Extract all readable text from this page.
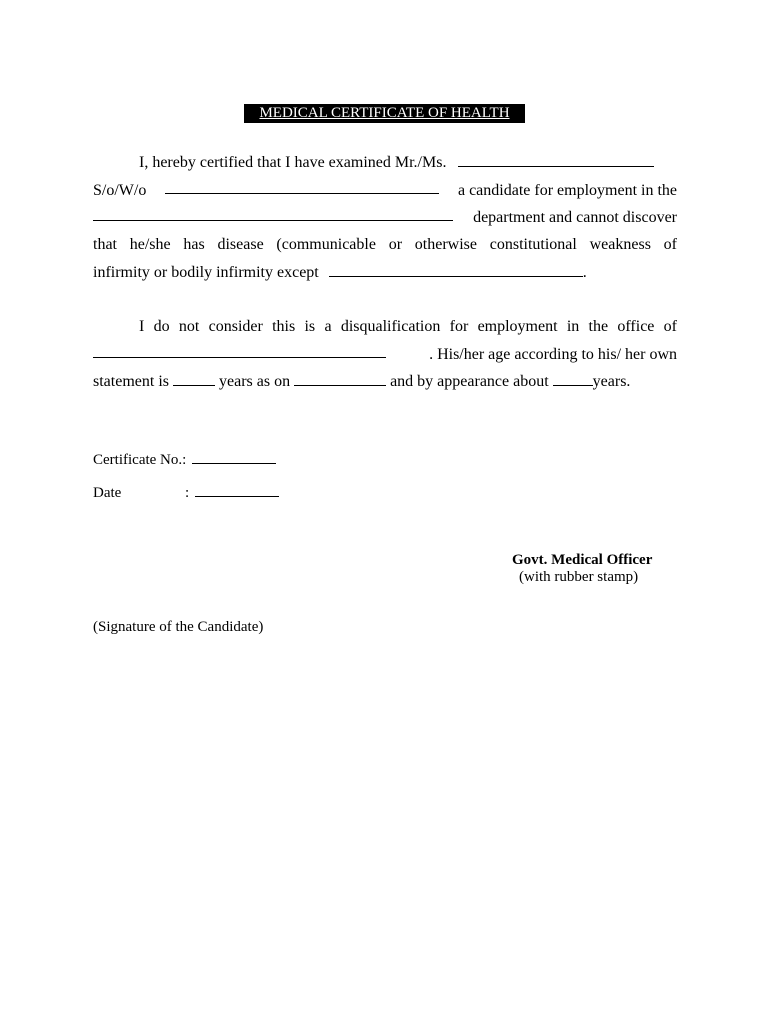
MEDICAL CERTIFICATE OF HEALTH
I, hereby certified that I have examined Mr./Ms.
S/o/W/o	a candidate for employment in the
department and cannot discover
that he/she has disease (communicable or otherwise constitutional weakness of
infirmity or bodily infirmity except	.
I do not consider this is a disqualification for employment in the office of
. His/her age according to his/ her own
statement is	years as on	and by appearance about	years.
Certificate No.:
Date	:
Govt. Medical Officer
(with rubber stamp)
(Signature of the Candidate)
